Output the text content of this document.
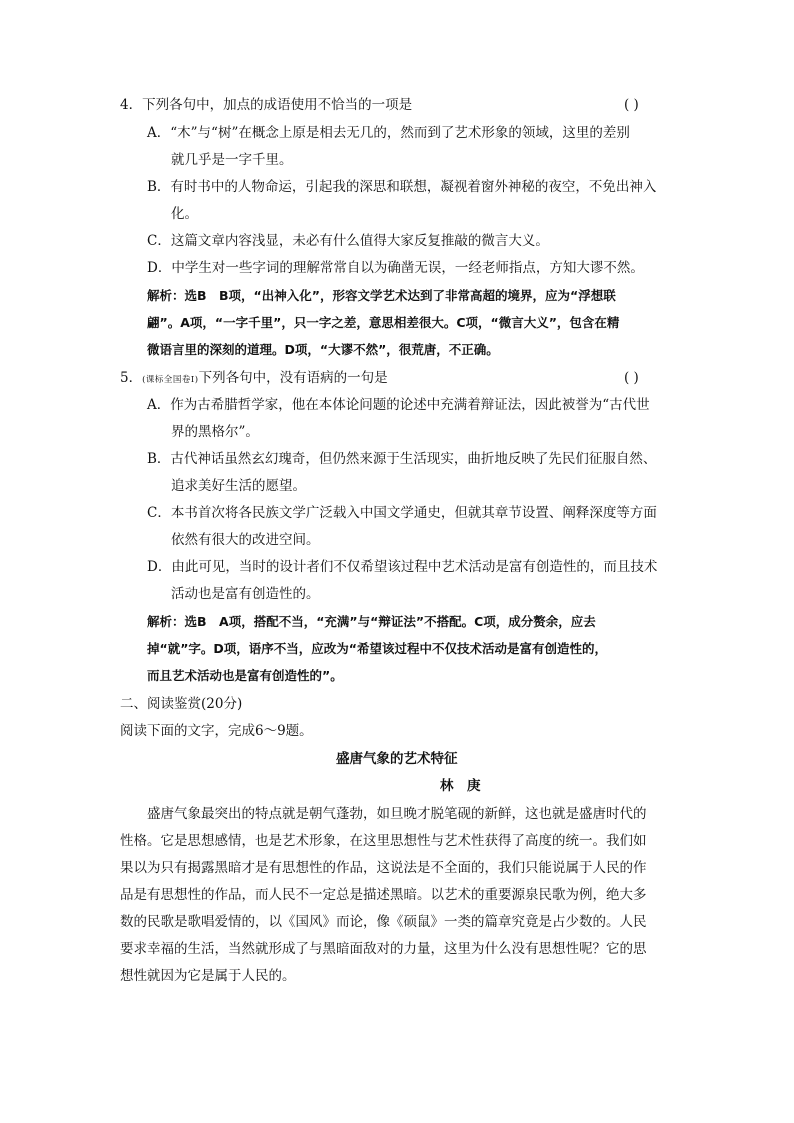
4．下列各句中，加点的成语使用不恰当的一项是	( )
A．“木”与“树”在概念上原是相去无几的，然而到了艺术形象的领域，这里的差别
就几乎是一字千里。
B．有时书中的人物命运，引起我的深思和联想，凝视着窗外神秘的夜空，不免出神入
化。
C．这篇文章内容浅显，未必有什么值得大家反复推敲的微言大义。
D．中学生对一些字词的理解常常自以为确凿无误，一经老师指点，方知大谬不然。
解析：选B　B项，“出神入化”，形容文学艺术达到了非常高超的境界，应为“浮想联
翩”。A项，“一字千里”，只一字之差，意思相差很大。C项，“微言大义”，包含在精
微语言里的深刻的道理。D项，“大谬不然”，很荒唐，不正确。
5．(课标全国卷Ⅰ)下列各句中，没有语病的一句是	( )
A．作为古希腊哲学家，他在本体论问题的论述中充满着辩证法，因此被誉为“古代世
界的黑格尔”。
B．古代神话虽然玄幻瑰奇，但仍然来源于生活现实，曲折地反映了先民们征服自然、
追求美好生活的愿望。
C．本书首次将各民族文学广泛载入中国文学通史，但就其章节设置、阐释深度等方面
依然有很大的改进空间。
D．由此可见，当时的设计者们不仅希望该过程中艺术活动是富有创造性的，而且技术
活动也是富有创造性的。
解析：选B　A项，搭配不当，“充满”与“辩证法”不搭配。C项，成分赘余，应去
掉“就”字。D项，语序不当，应改为“希望该过程中不仅技术活动是富有创造性的，
而且艺术活动也是富有创造性的”。
二、阅读鉴赏(20分)
阅读下面的文字，完成6～9题。
盛唐气象的艺术特征
林　庚
盛唐气象最突出的特点就是朝气蓬勃，如旦晚才脱笔砚的新鲜，这也就是盛唐时代的
性格。它是思想感情，也是艺术形象，在这里思想性与艺术性获得了高度的统一。我们如
果以为只有揭露黑暗才是有思想性的作品，这说法是不全面的，我们只能说属于人民的作
品是有思想性的作品，而人民不一定总是描述黑暗。以艺术的重要源泉民歌为例，绝大多
数的民歌是歌唱爱情的，以《国风》而论，像《硕鼠》一类的篇章究竟是占少数的。人民
要求幸福的生活，当然就形成了与黑暗面敌对的力量，这里为什么没有思想性呢？它的思
想性就因为它是属于人民的。
